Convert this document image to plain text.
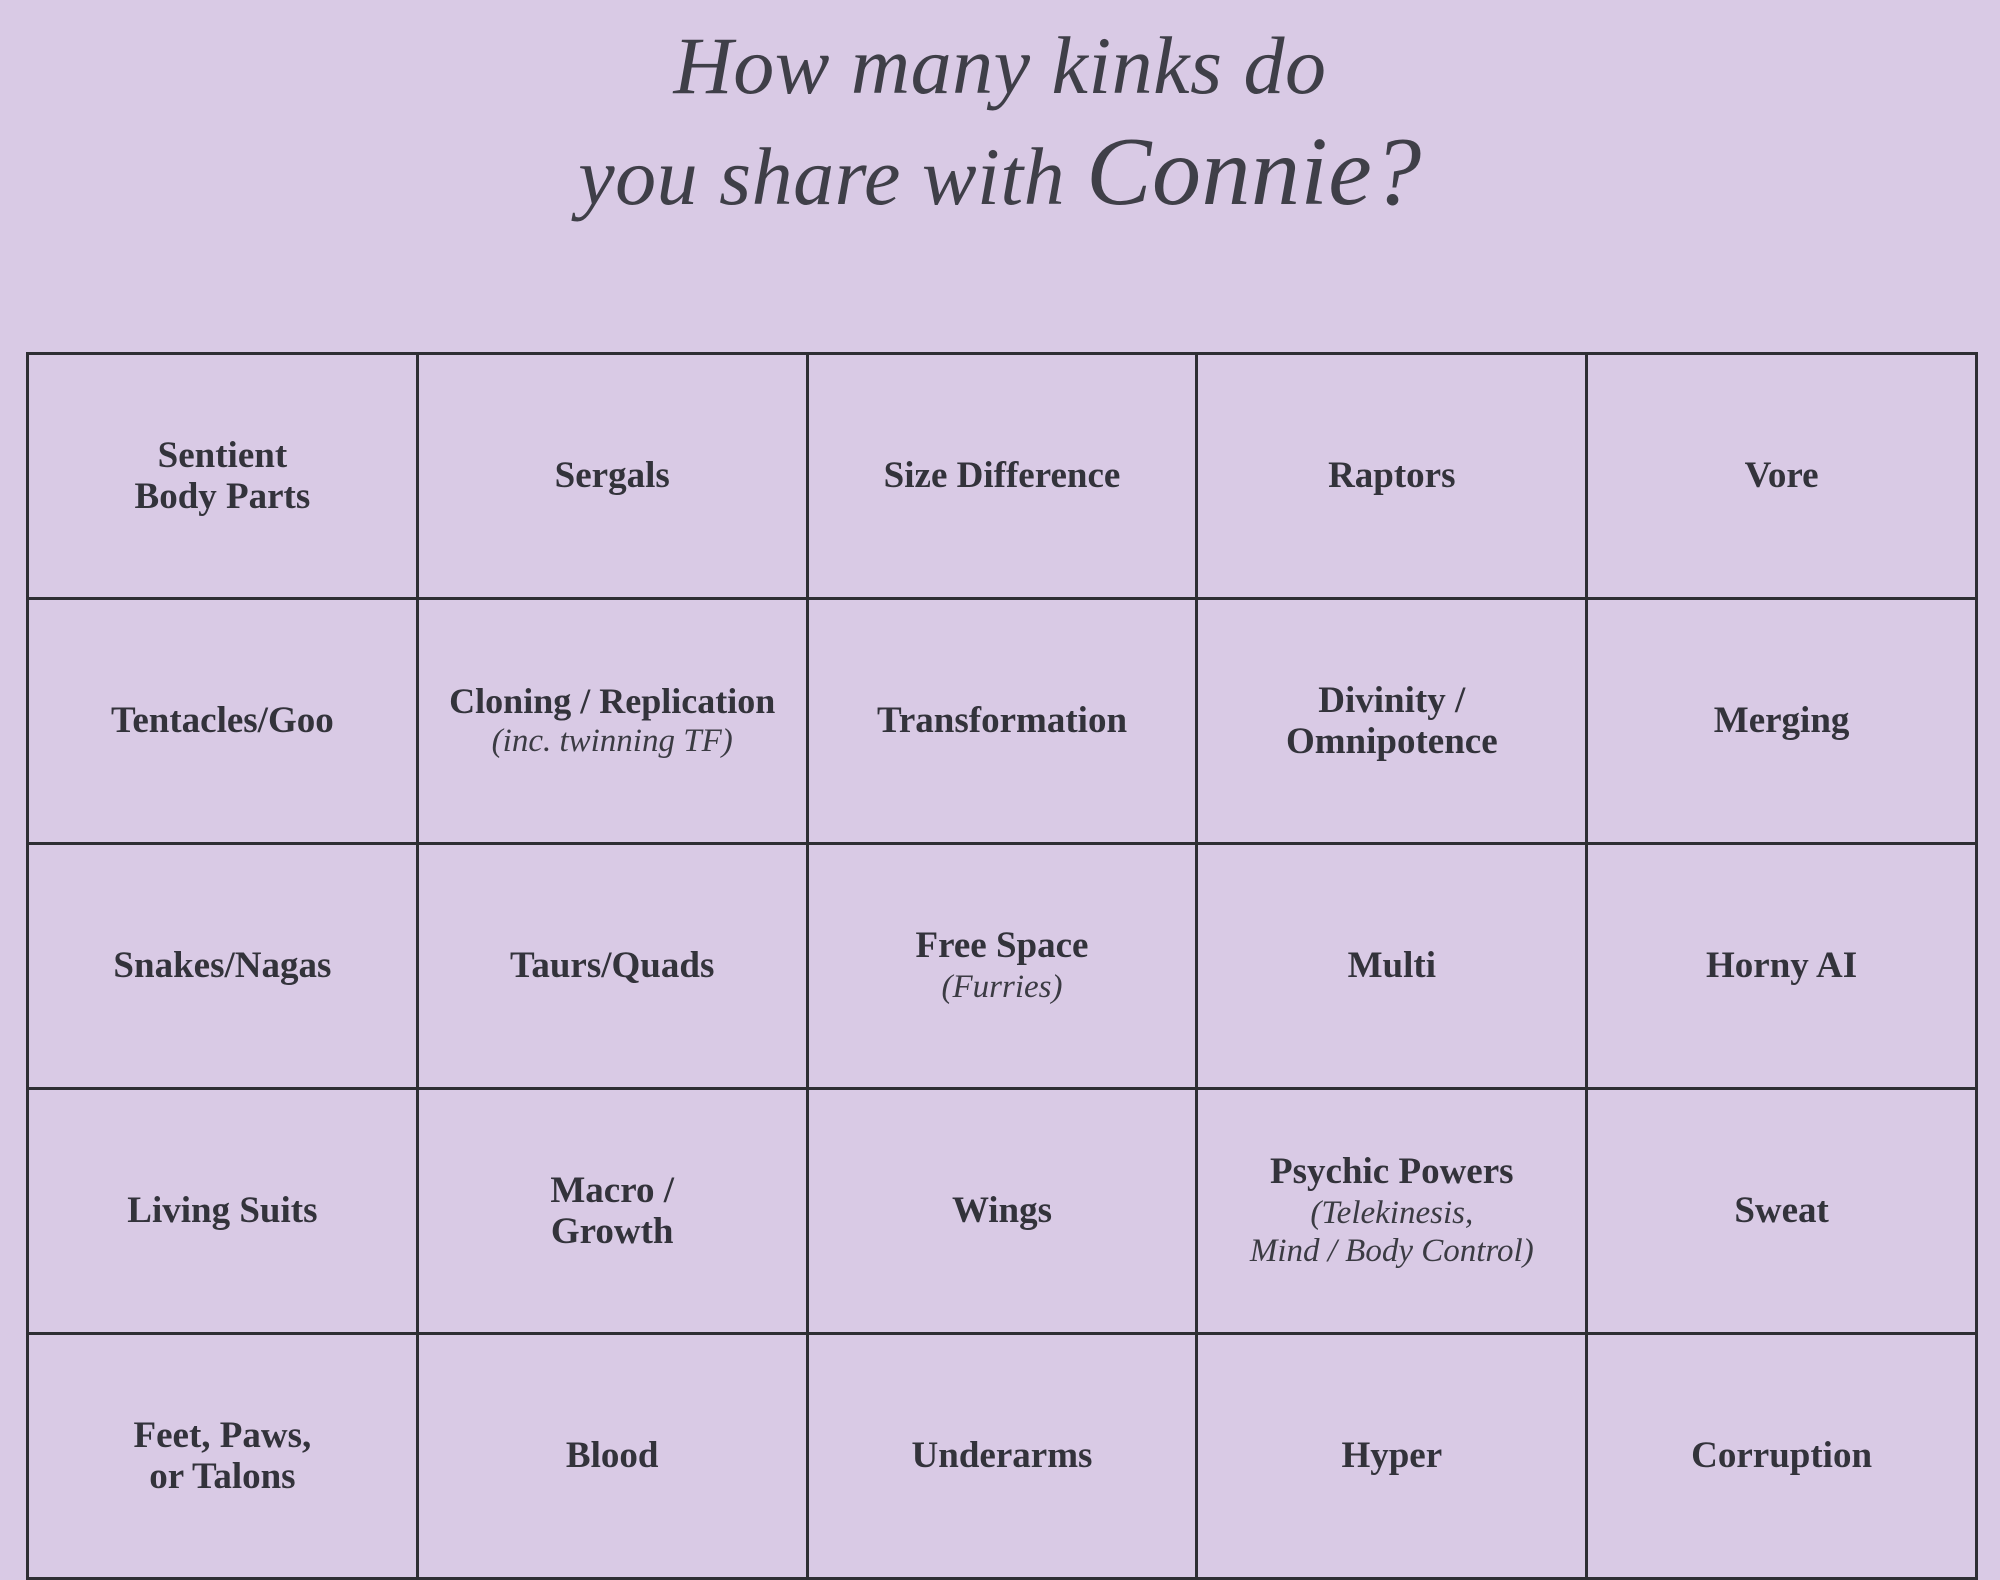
How many kinks do
you share with Connie?
Sentient
Body Parts	Sergals	Size Difference	Raptors	Vore

Tentacles/Goo	Cloning / Replication
(inc. twinning TF)	Transformation	Divinity /
Omnipotence	Merging

Snakes/Nagas	Taurs/Quads	Free Space
(Furries)	Multi	Horny AI

Living Suits	Macro /
Growth	Wings	Psychic Powers
(Telekinesis,
Mind / Body Control)	Sweat

Feet, Paws,
or Talons	Blood	Underarms	Hyper	Corruption
